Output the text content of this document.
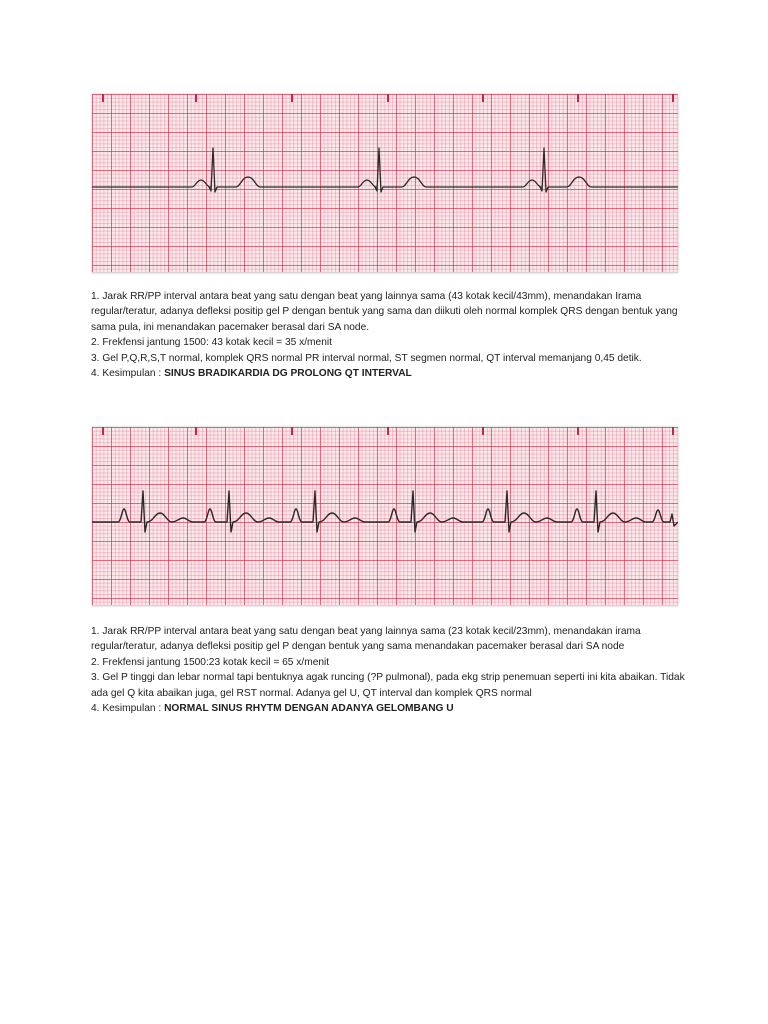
1. Jarak RR/PP interval antara beat yang satu dengan beat yang lainnya sama (43 kotak kecil/43mm), menandakan Irama regular/teratur, adanya defleksi positip gel P dengan bentuk yang sama dan diikuti oleh normal komplek QRS dengan bentuk yang sama pula, ini menandakan pacemaker berasal dari SA node.

2. Frekfensi jantung 1500: 43 kotak kecil = 35 x/menit

3. Gel P,Q,R,S,T normal, komplek QRS normal PR interval normal, ST segmen normal, QT interval memanjang 0,45 detik.

4. Kesimpulan : SINUS BRADIKARDIA DG PROLONG QT INTERVAL

1. Jarak RR/PP interval antara beat yang satu dengan beat yang lainnya sama (23 kotak kecil/23mm), menandakan irama regular/teratur, adanya defleksi positip gel P dengan bentuk yang sama menandakan pacemaker berasal dari SA node

2. Frekfensi jantung 1500:23 kotak kecil = 65 x/menit

3. Gel P tinggi dan lebar normal tapi bentuknya agak runcing (?P pulmonal), pada ekg strip penemuan seperti ini kita abaikan. Tidak ada gel Q kita abaikan juga, gel RST normal. Adanya gel U, QT interval dan komplek QRS normal

4. Kesimpulan : NORMAL SINUS RHYTM DENGAN ADANYA GELOMBANG U
